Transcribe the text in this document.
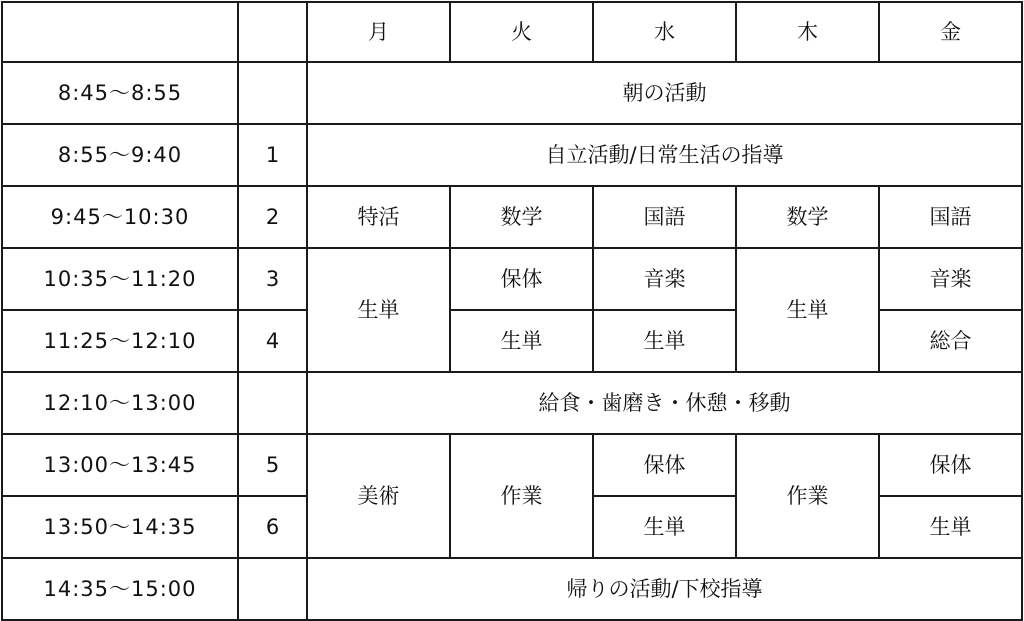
		月	火	水	木	金
8:45〜8:55		朝の活動				
8:55〜9:40	1	自立活動/日常生活の指導				
9:45〜10:30	2	特活	数学	国語	数学	国語
10:35〜11:20	3	生単	保体	音楽	生単	音楽
11:25〜12:10	4		生単	生単		総合
12:10〜13:00		給食・歯磨き・休憩・移動				
13:00〜13:45	5	美術	作業	保体	作業	保体
13:50〜14:35	6			生単		生単
14:35〜15:00		帰りの活動/下校指導				
